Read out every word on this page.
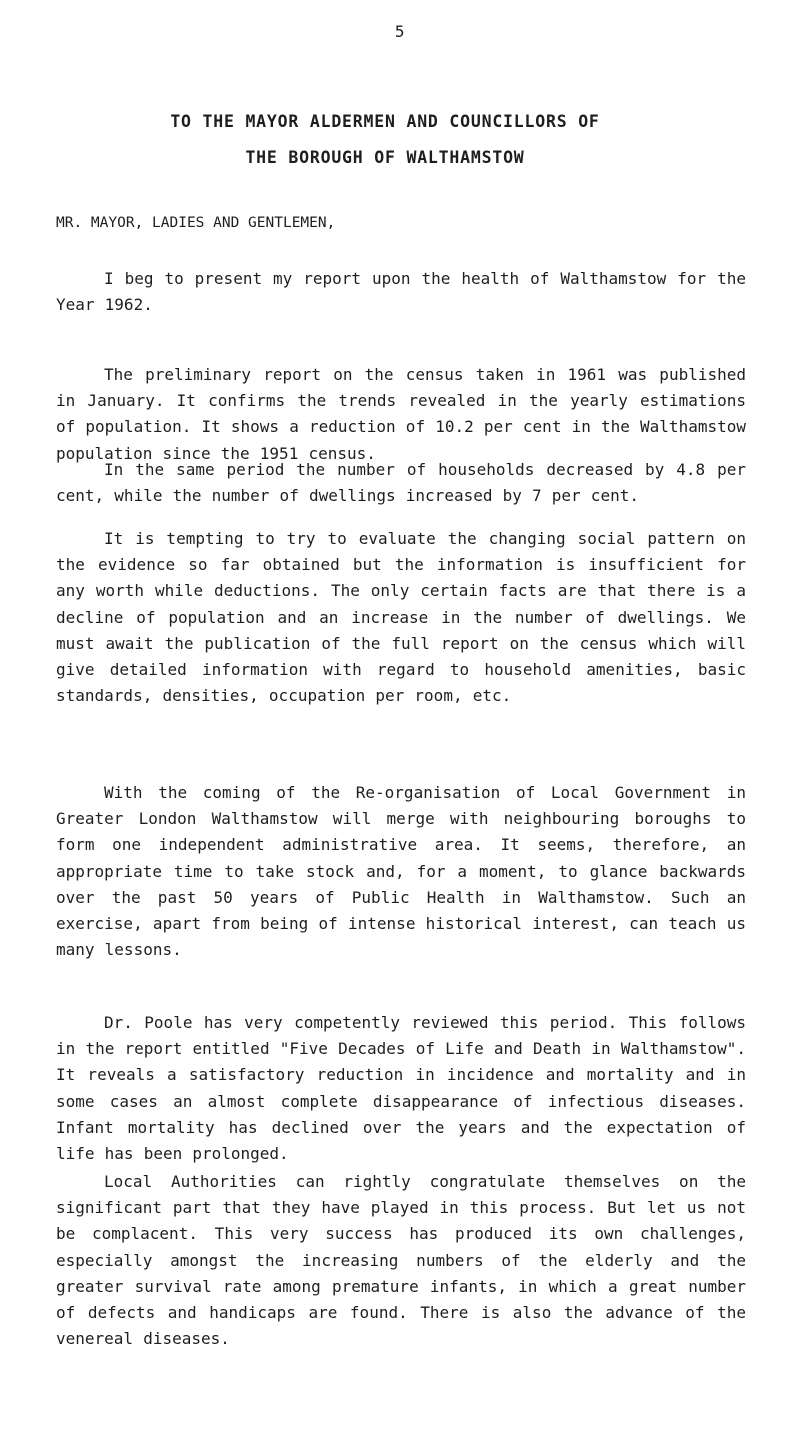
5
TO THE MAYOR ALDERMEN AND COUNCILLORS OF
THE BOROUGH OF WALTHAMSTOW
MR. MAYOR, LADIES AND GENTLEMEN,

I beg to present my report upon the health of Walthamstow for the Year 1962.

The preliminary report on the census taken in 1961 was published in January. It confirms the trends revealed in the yearly estimations of population. It shows a reduction of 10.2 per cent in the Walthamstow population since the 1951 census.

In the same period the number of households decreased by 4.8 per cent, while the number of dwellings increased by 7 per cent.

It is tempting to try to evaluate the changing social pattern on the evidence so far obtained but the information is insufficient for any worth while deductions. The only certain facts are that there is a decline of population and an increase in the number of dwellings. We must await the publication of the full report on the census which will give detailed information with regard to household amenities, basic standards, densities, occupation per room, etc.

With the coming of the Re-organisation of Local Government in Greater London Walthamstow will merge with neighbouring boroughs to form one independent administrative area. It seems, therefore, an appropriate time to take stock and, for a moment, to glance backwards over the past 50 years of Public Health in Walthamstow. Such an exercise, apart from being of intense historical interest, can teach us many lessons.

Dr. Poole has very competently reviewed this period. This follows in the report entitled "Five Decades of Life and Death in Walthamstow". It reveals a satisfactory reduction in incidence and mortality and in some cases an almost complete disappearance of infectious diseases. Infant mortality has declined over the years and the expectation of life has been prolonged.

Local Authorities can rightly congratulate themselves on the significant part that they have played in this process. But let us not be complacent. This very success has produced its own challenges, especially amongst the increasing numbers of the elderly and the greater survival rate among premature infants, in which a great number of defects and handicaps are found. There is also the advance of the venereal diseases.
